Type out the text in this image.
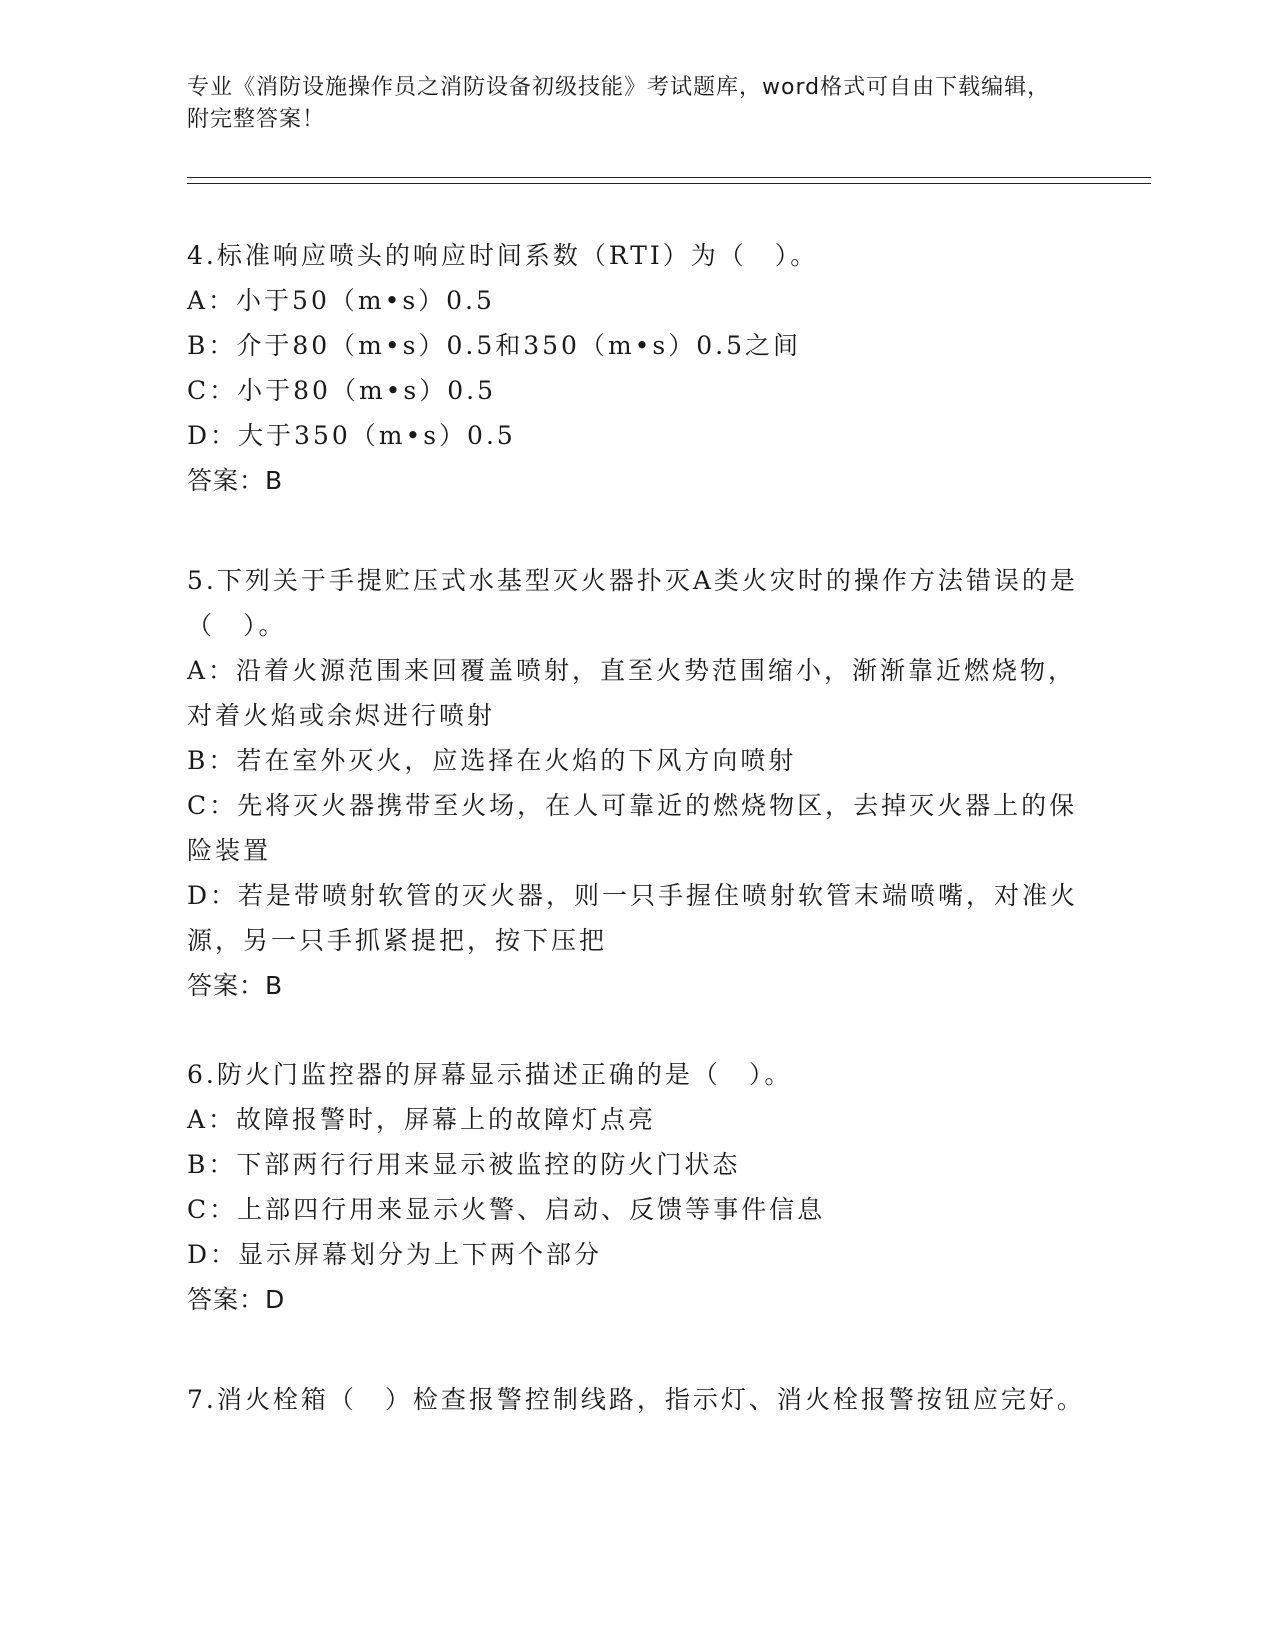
专业《消防设施操作员之消防设备初级技能》考试题库，word格式可自由下载编辑，附完整答案！

4.标准响应喷头的响应时间系数（RTI）为（　）。

A：小于50（m•s）0.5

B：介于80（m•s）0.5和350（m•s）0.5之间

C：小于80（m•s）0.5

D：大于350（m•s）0.5

答案：B

5.下列关于手提贮压式水基型灭火器扑灭A类火灾时的操作方法错误的是（　）。

A：沿着火源范围来回覆盖喷射，直至火势范围缩小，渐渐靠近燃烧物，对着火焰或余烬进行喷射

B：若在室外灭火，应选择在火焰的下风方向喷射

C：先将灭火器携带至火场，在人可靠近的燃烧物区，去掉灭火器上的保险装置

D：若是带喷射软管的灭火器，则一只手握住喷射软管末端喷嘴，对准火源，另一只手抓紧提把，按下压把

答案：B

6.防火门监控器的屏幕显示描述正确的是（　）。

A：故障报警时，屏幕上的故障灯点亮

B：下部两行行用来显示被监控的防火门状态

C：上部四行用来显示火警、启动、反馈等事件信息

D：显示屏幕划分为上下两个部分

答案：D

7.消火栓箱（　）检查报警控制线路，指示灯、消火栓报警按钮应完好。
